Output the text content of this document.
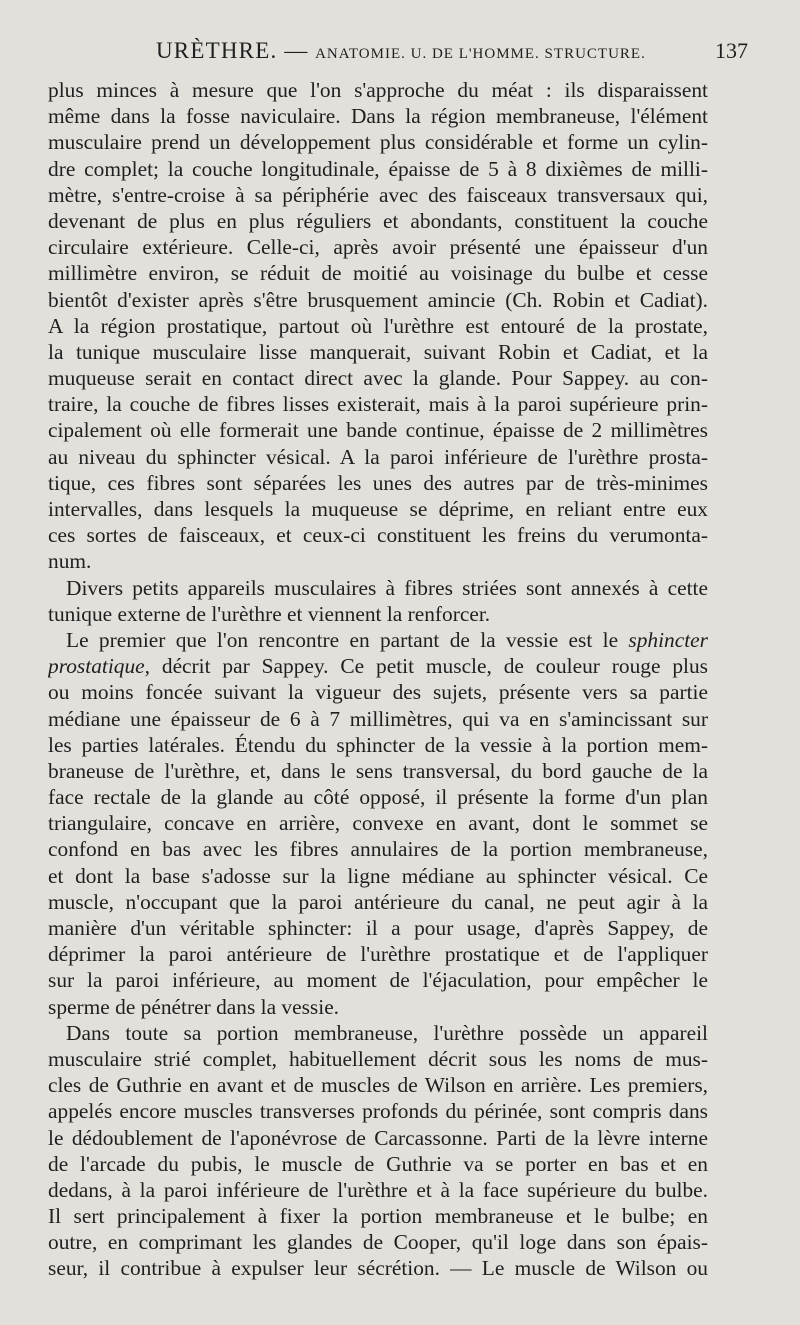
URÈTHRE. — ANATOMIE. U. DE L'HOMME. STRUCTURE.	137
plus minces à mesure que l'on s'approche du méat : ils disparaissent
même dans la fosse naviculaire. Dans la région membraneuse, l'élément
musculaire prend un développement plus considérable et forme un cylin-
dre complet; la couche longitudinale, épaisse de 5 à 8 dixièmes de milli-
mètre, s'entre-croise à sa périphérie avec des faisceaux transversaux qui,
devenant de plus en plus réguliers et abondants, constituent la couche
circulaire extérieure. Celle-ci, après avoir présenté une épaisseur d'un
millimètre environ, se réduit de moitié au voisinage du bulbe et cesse
bientôt d'exister après s'être brusquement amincie (Ch. Robin et Cadiat).
A la région prostatique, partout où l'urèthre est entouré de la prostate,
la tunique musculaire lisse manquerait, suivant Robin et Cadiat, et la
muqueuse serait en contact direct avec la glande. Pour Sappey. au con-
traire, la couche de fibres lisses existerait, mais à la paroi supérieure prin-
cipalement où elle formerait une bande continue, épaisse de 2 millimètres
au niveau du sphincter vésical. A la paroi inférieure de l'urèthre prosta-
tique, ces fibres sont séparées les unes des autres par de très-minimes
intervalles, dans lesquels la muqueuse se déprime, en reliant entre eux
ces sortes de faisceaux, et ceux-ci constituent les freins du verumonta-
num.
Divers petits appareils musculaires à fibres striées sont annexés à cette
tunique externe de l'urèthre et viennent la renforcer.
Le premier que l'on rencontre en partant de la vessie est le sphincter
prostatique, décrit par Sappey. Ce petit muscle, de couleur rouge plus
ou moins foncée suivant la vigueur des sujets, présente vers sa partie
médiane une épaisseur de 6 à 7 millimètres, qui va en s'amincissant sur
les parties latérales. Étendu du sphincter de la vessie à la portion mem-
braneuse de l'urèthre, et, dans le sens transversal, du bord gauche de la
face rectale de la glande au côté opposé, il présente la forme d'un plan
triangulaire, concave en arrière, convexe en avant, dont le sommet se
confond en bas avec les fibres annulaires de la portion membraneuse,
et dont la base s'adosse sur la ligne médiane au sphincter vésical. Ce
muscle, n'occupant que la paroi antérieure du canal, ne peut agir à la
manière d'un véritable sphincter: il a pour usage, d'après Sappey, de
déprimer la paroi antérieure de l'urèthre prostatique et de l'appliquer
sur la paroi inférieure, au moment de l'éjaculation, pour empêcher le
sperme de pénétrer dans la vessie.
Dans toute sa portion membraneuse, l'urèthre possède un appareil
musculaire strié complet, habituellement décrit sous les noms de mus-
cles de Guthrie en avant et de muscles de Wilson en arrière. Les premiers,
appelés encore muscles transverses profonds du périnée, sont compris dans
le dédoublement de l'aponévrose de Carcassonne. Parti de la lèvre interne
de l'arcade du pubis, le muscle de Guthrie va se porter en bas et en
dedans, à la paroi inférieure de l'urèthre et à la face supérieure du bulbe.
Il sert principalement à fixer la portion membraneuse et le bulbe; en
outre, en comprimant les glandes de Cooper, qu'il loge dans son épais-
seur, il contribue à expulser leur sécrétion. — Le muscle de Wilson ou
